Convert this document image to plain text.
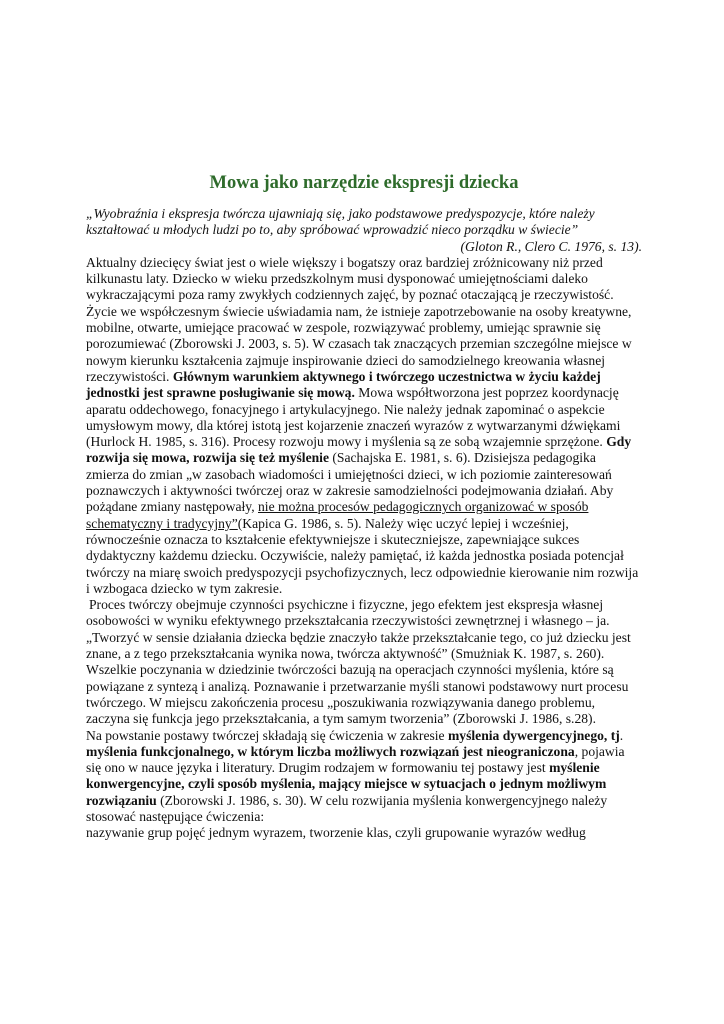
Mowa jako narzędzie ekspresji dziecka

„Wyobraźnia i ekspresja twórcza ujawniają się, jako podstawowe predyspozycje, które należy kształtować u młodych ludzi po to, aby spróbować wprowadzić nieco porządku w świecie”

(Gloton R., Clero C. 1976, s. 13).

Aktualny dziecięcy świat jest o wiele większy i bogatszy oraz bardziej zróżnicowany niż przed kilkunastu laty. Dziecko w wieku przedszkolnym musi dysponować umiejętnościami daleko wykraczającymi poza ramy zwykłych codziennych zajęć, by poznać otaczającą je rzeczywistość. Życie we współczesnym świecie uświadamia nam, że istnieje zapotrzebowanie na osoby kreatywne, mobilne, otwarte, umiejące pracować w zespole, rozwiązywać problemy, umiejąc sprawnie się porozumiewać (Zborowski J. 2003, s. 5). W czasach tak znaczących przemian szczególne miejsce w nowym kierunku kształcenia zajmuje inspirowanie dzieci do samodzielnego kreowania własnej rzeczywistości. Głównym warunkiem aktywnego i twórczego uczestnictwa w życiu każdej jednostki jest sprawne posługiwanie się mową. Mowa współtworzona jest poprzez koordynację aparatu oddechowego, fonacyjnego i artykulacyjnego. Nie należy jednak zapominać o aspekcie umysłowym mowy, dla której istotą jest kojarzenie znaczeń wyrazów z wytwarzanymi dźwiękami (Hurlock H. 1985, s. 316). Procesy rozwoju mowy i myślenia są ze sobą wzajemnie sprzężone. Gdy rozwija się mowa, rozwija się też myślenie (Sachajska E. 1981, s. 6). Dzisiejsza pedagogika zmierza do zmian „w zasobach wiadomości i umiejętności dzieci, w ich poziomie zainteresowań poznawczych i aktywności twórczej oraz w zakresie samodzielności podejmowania działań. Aby pożądane zmiany następowały, nie można procesów pedagogicznych organizować w sposób schematyczny i tradycyjny”(Kapica G. 1986, s. 5). Należy więc uczyć lepiej i wcześniej, równocześnie oznacza to kształcenie efektywniejsze i skuteczniejsze, zapewniające sukces dydaktyczny każdemu dziecku. Oczywiście, należy pamiętać, iż każda jednostka posiada potencjał twórczy na miarę swoich predyspozycji psychofizycznych, lecz odpowiednie kierowanie nim rozwija i wzbogaca dziecko w tym zakresie.

Proces twórczy obejmuje czynności psychiczne i fizyczne, jego efektem jest ekspresja własnej osobowości w wyniku efektywnego przekształcania rzeczywistości zewnętrznej i własnego – ja. „Tworzyć w sensie działania dziecka będzie znaczyło także przekształcanie tego, co już dziecku jest znane, a z tego przekształcania wynika nowa, twórcza aktywność” (Smużniak K. 1987, s. 260). Wszelkie poczynania w dziedzinie twórczości bazują na operacjach czynności myślenia, które są powiązane z syntezą i analizą. Poznawanie i przetwarzanie myśli stanowi podstawowy nurt procesu twórczego. W miejscu zakończenia procesu „poszukiwania rozwiązywania danego problemu, zaczyna się funkcja jego przekształcania, a tym samym tworzenia” (Zborowski J. 1986, s.28).

Na powstanie postawy twórczej składają się ćwiczenia w zakresie myślenia dywergencyjnego, tj. myślenia funkcjonalnego, w którym liczba możliwych rozwiązań jest nieograniczona, pojawia się ono w nauce języka i literatury. Drugim rodzajem w formowaniu tej postawy jest myślenie konwergencyjne, czyli sposób myślenia, mający miejsce w sytuacjach o jednym możliwym rozwiązaniu (Zborowski J. 1986, s. 30). W celu rozwijania myślenia konwergencyjnego należy stosować następujące ćwiczenia:

nazywanie grup pojęć jednym wyrazem, tworzenie klas, czyli grupowanie wyrazów według
